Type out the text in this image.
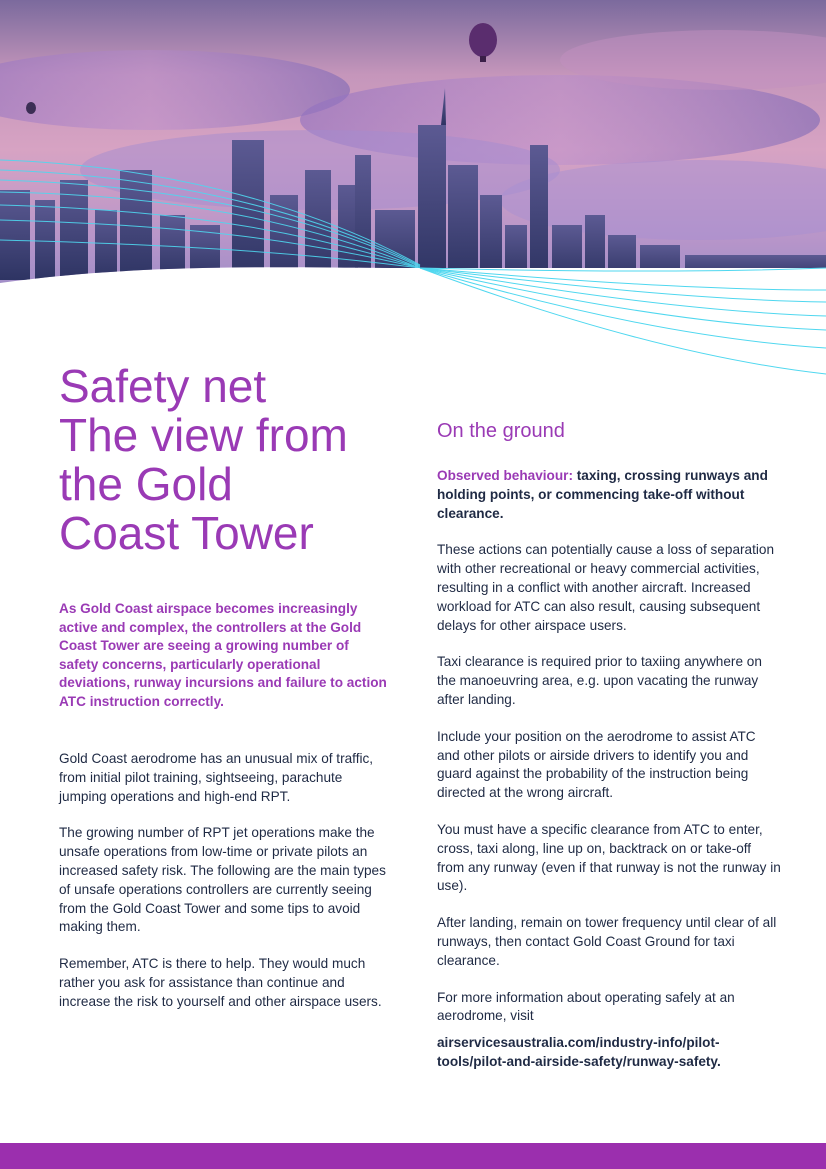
Safety net
The view from
the Gold
Coast Tower

As Gold Coast airspace becomes increasingly active and complex, the controllers at the Gold Coast Tower are seeing a growing number of safety concerns, particularly operational deviations, runway incursions and failure to action ATC instruction correctly.

Gold Coast aerodrome has an unusual mix of traffic, from initial pilot training, sightseeing, parachute jumping operations and high-end RPT.

The growing number of RPT jet operations make the unsafe operations from low-time or private pilots an increased safety risk. The following are the main types of unsafe operations controllers are currently seeing from the Gold Coast Tower and some tips to avoid making them.

Remember, ATC is there to help. They would much rather you ask for assistance than continue and increase the risk to yourself and other airspace users.

On the ground

Observed behaviour: taxing, crossing runways and holding points, or commencing take-off without clearance.

These actions can potentially cause a loss of separation with other recreational or heavy commercial activities, resulting in a conflict with another aircraft. Increased workload for ATC can also result, causing subsequent delays for other airspace users.

Taxi clearance is required prior to taxiing anywhere on the manoeuvring area, e.g. upon vacating the runway after landing.

Include your position on the aerodrome to assist ATC and other pilots or airside drivers to identify you and guard against the probability of the instruction being directed at the wrong aircraft.

You must have a specific clearance from ATC to enter, cross, taxi along, line up on, backtrack on or take-off from any runway (even if that runway is not the runway in use).

After landing, remain on tower frequency until clear of all runways, then contact Gold Coast Ground for taxi clearance.

For more information about operating safely at an aerodrome, visit

airservicesaustralia.com/industry-info/pilot-tools/pilot-and-airside-safety/runway-safety.
